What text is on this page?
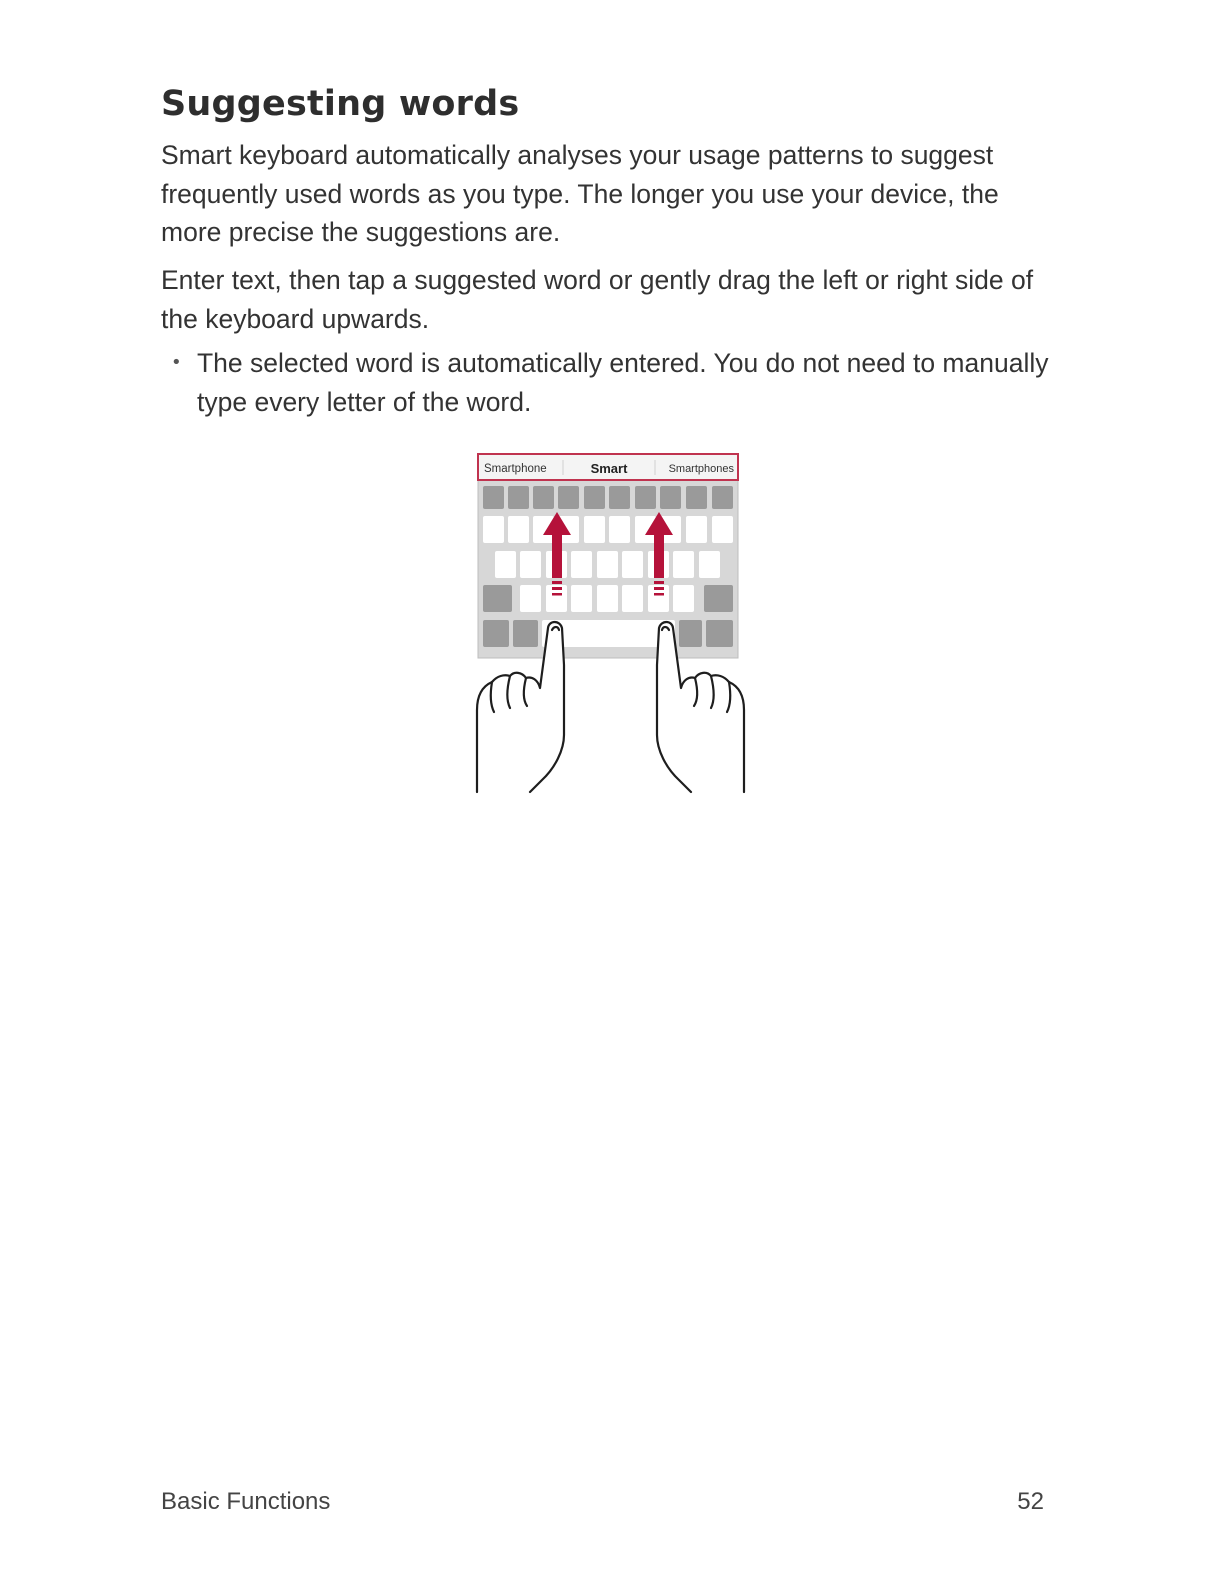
Suggesting words

Smart keyboard automatically analyses your usage patterns to suggest frequently used words as you type. The longer you use your device, the more precise the suggestions are.

Enter text, then tap a suggested word or gently drag the left or right side of the keyboard upwards.

• The selected word is automatically entered. You do not need to manually type every letter of the word.

Smartphone	Smart	Smartphones
Basic Functions	52
